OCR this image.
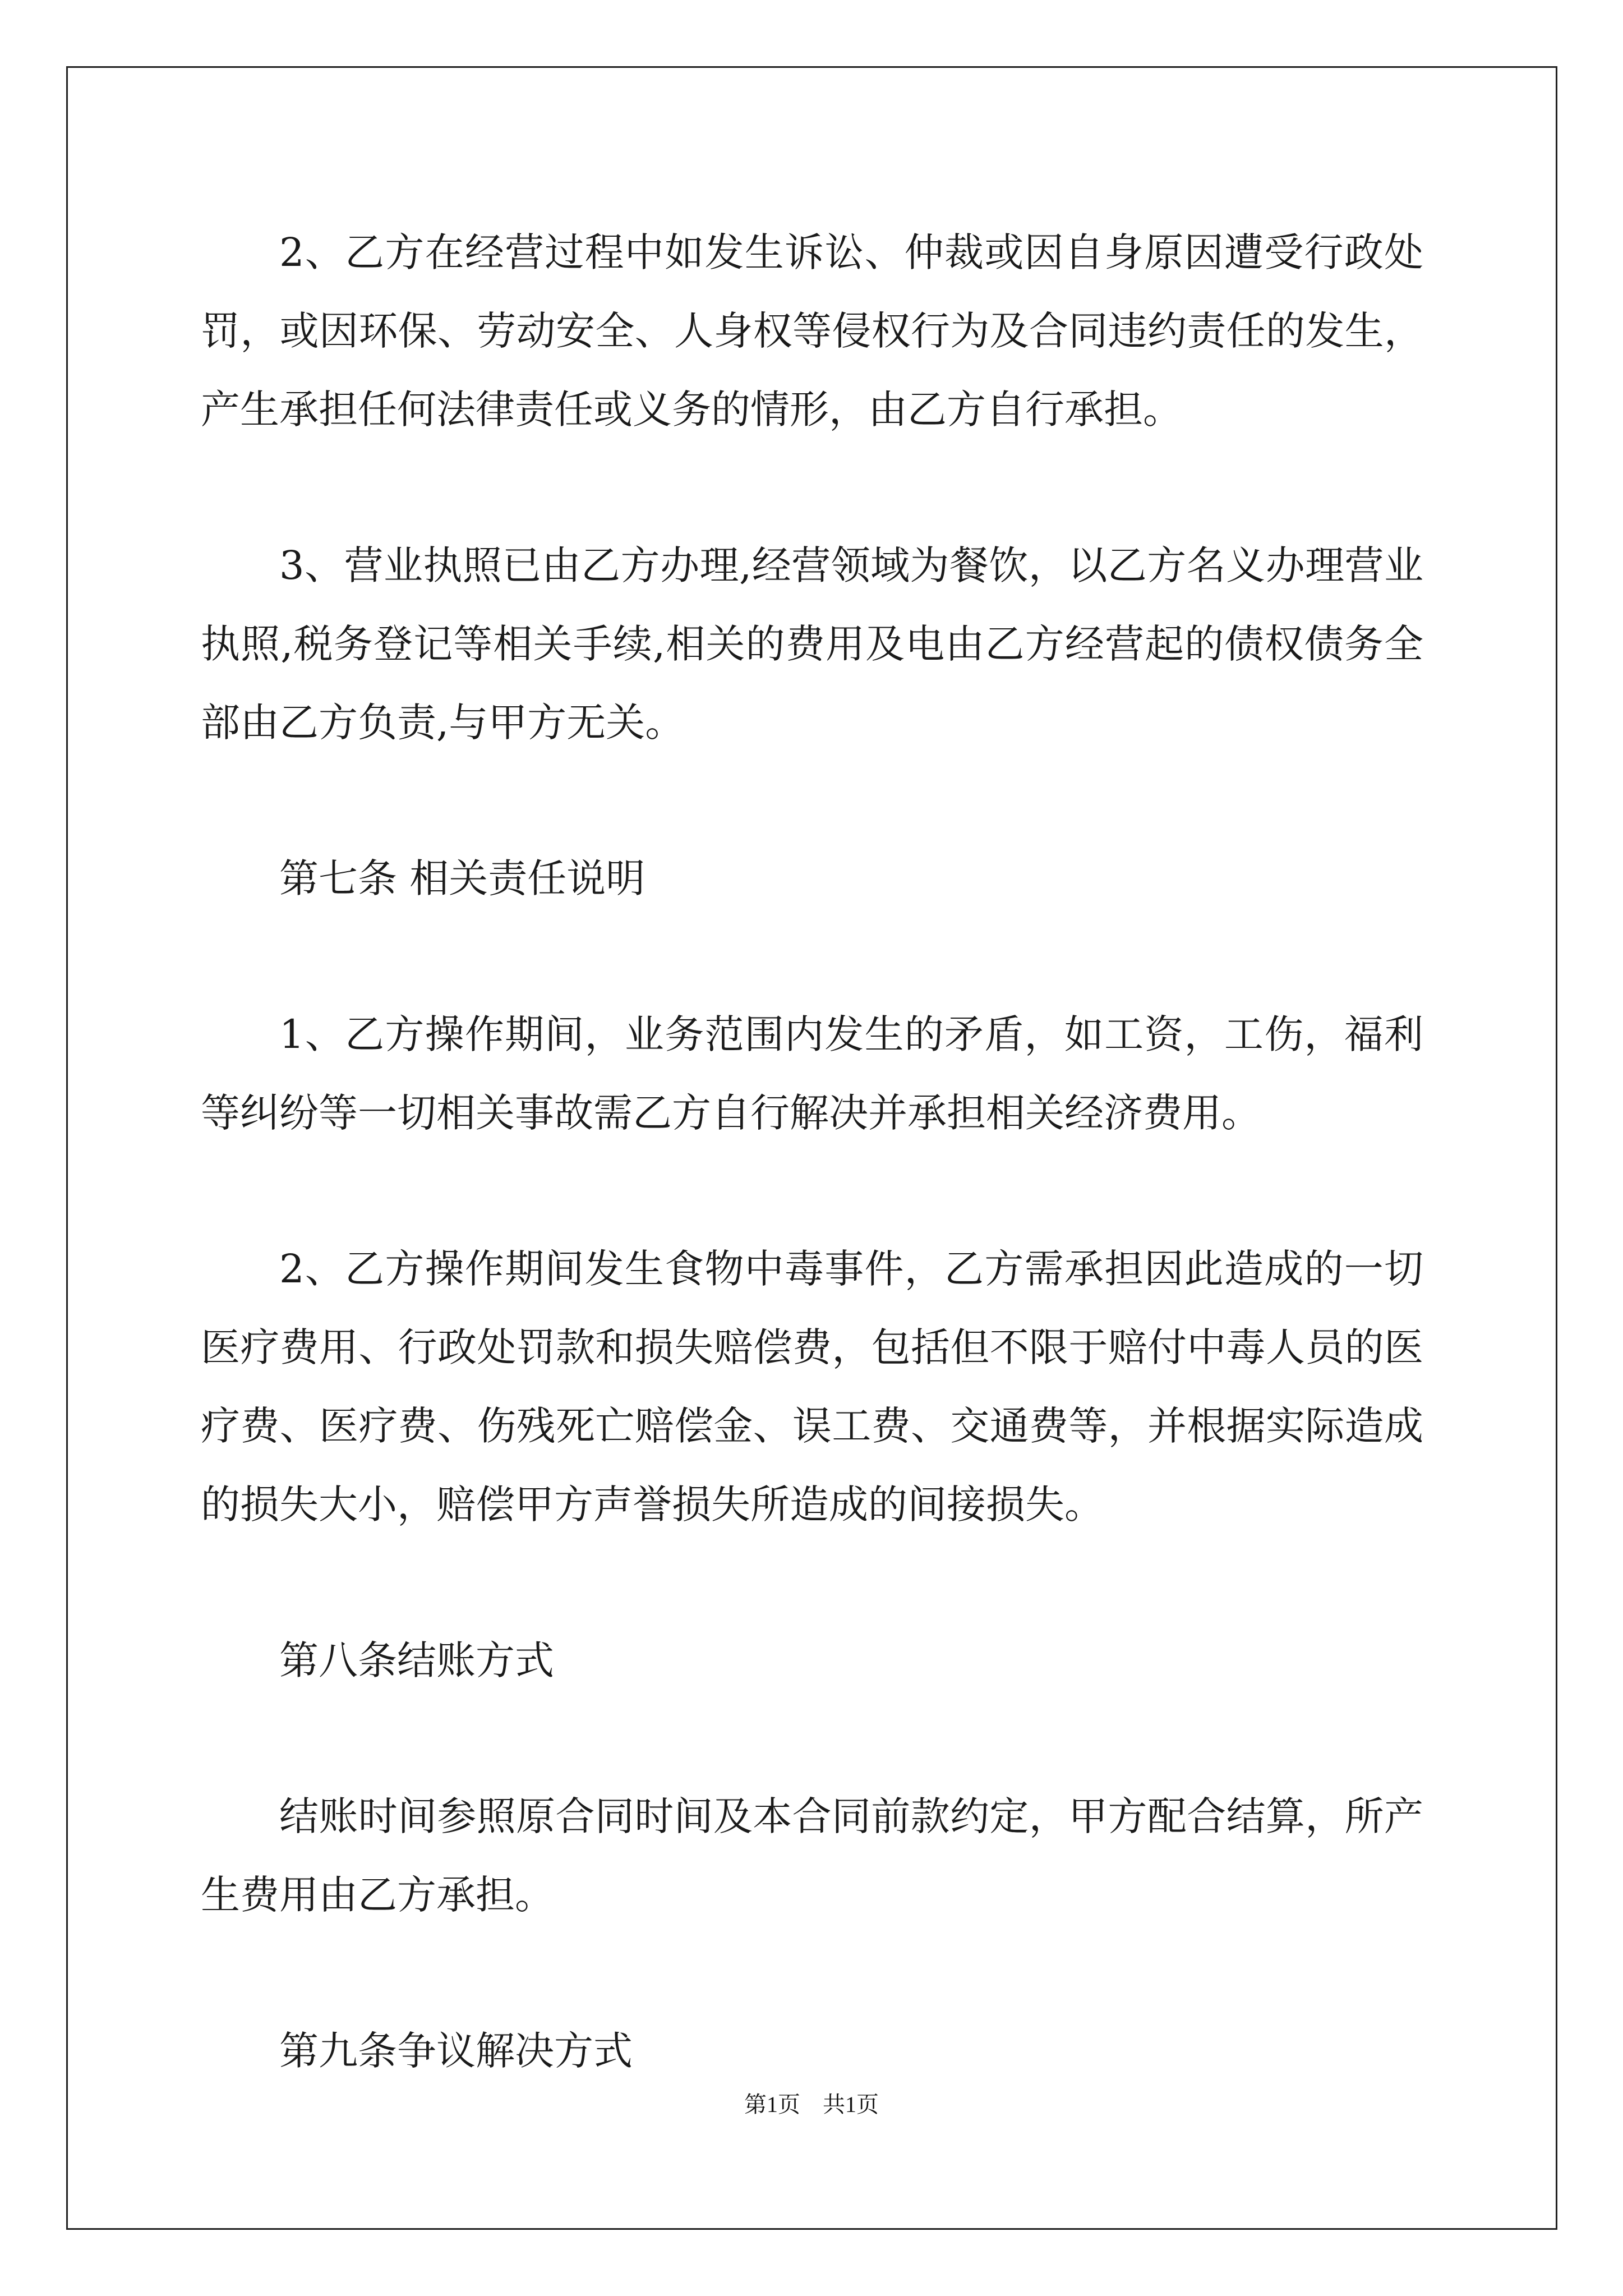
2、乙方在经营过程中如发生诉讼、仲裁或因自身原因遭受行政处罚，或因环保、劳动安全、人身权等侵权行为及合同违约责任的发生，产生承担任何法律责任或义务的情形，由乙方自行承担。

3、营业执照已由乙方办理,经营领域为餐饮，以乙方名义办理营业执照,税务登记等相关手续,相关的费用及电由乙方经营起的债权债务全部由乙方负责,与甲方无关。

第七条 相关责任说明

1、乙方操作期间，业务范围内发生的矛盾，如工资，工伤，福利等纠纷等一切相关事故需乙方自行解决并承担相关经济费用。

2、乙方操作期间发生食物中毒事件，乙方需承担因此造成的一切医疗费用、行政处罚款和损失赔偿费，包括但不限于赔付中毒人员的医疗费、医疗费、伤残死亡赔偿金、误工费、交通费等，并根据实际造成的损失大小，赔偿甲方声誉损失所造成的间接损失。

第八条结账方式

结账时间参照原合同时间及本合同前款约定，甲方配合结算，所产生费用由乙方承担。

第九条争议解决方式

第1页 共1页
